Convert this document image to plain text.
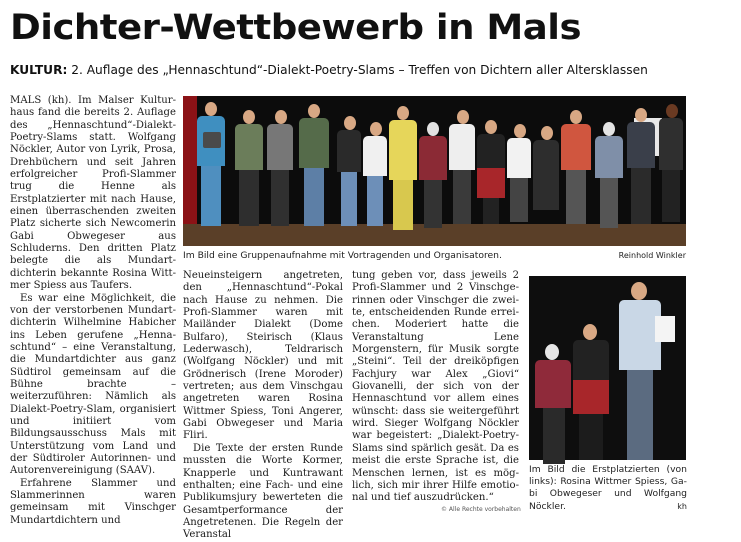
Dichter-Wettbewerb in Mals
KULTUR: 2. Auflage des „Hennaschtund“-Dialekt-Poetry-Slams – Treffen von Dichtern aller Altersklassen

MALS (kh). Im Malser Kulturhaus fand die bereits 2. Auflage des „Hennaschtund“-Dialekt-Poetry-Slams statt. Wolfgang Nöckler, Autor von Lyrik, Prosa, Drehbüchern und seit Jahren erfolgreicher Profi-Slammer trug die Henne als Erstplatzierter mit nach Hause, einen überraschenden zweiten Platz sicherte sich Newcomerin Gabi Obwegeser aus Schluderns. Den dritten Platz belegte die als Mundartdichterin bekannte Rosina Wittmer Spiess aus Taufers.

Es war eine Möglichkeit, die von der verstorbenen Mundartdichterin Wilhelmine Habicher ins Leben gerufene „Hennaschtund“ – eine Veranstaltung, die Mundartdichter aus ganz Südtirol gemeinsam auf die Bühne brachte – weiterzuführen: Nämlich als Dialekt-Poetry-Slam, organisiert und initiiert vom Bildungsausschuss Mals mit Unterstützung vom Land und der Südtiroler Autorinnen- und Autorenvereinigung (SAAV).

Erfahrene Slammer und Slammerinnen waren gemeinsam mit Vinschger Mundartdichtern und

Im Bild eine Gruppenaufnahme mit Vortragenden und Organisatoren.	Reinhold Winkler

Neueinsteigern angetreten, den „Hennaschtund“-Pokal nach Hause zu nehmen. Die Profi-Slammer waren mit Mailänder Dialekt (Dome Bulfaro), Steirisch (Klaus Lederwasch), Teldrarisch (Wolfgang Nöckler) und mit Grödnerisch (Irene Moroder) vertreten; aus dem Vinschgau angetreten waren Rosina Wittmer Spiess, Toni Angerer, Gabi Obwegeser und Maria Fliri.

Die Texte der ersten Runde mussten die Worte Kormer, Knapperle und Kuntrawant enthalten; eine Fach- und eine Publikumsjury bewerteten die Gesamtperformance der Angetretenen. Die Regeln der Veranstal

tung geben vor, dass jeweils 2 Profi-Slammer und 2 Vinschgerinnen oder Vinschger die zweite, entscheidenden Runde erreichen. Moderiert hatte die Veranstaltung Lene Morgenstern, für Musik sorgte „Steini“. Teil der dreiköpfigen Fachjury war Alex „Giovi“ Giovanelli, der sich von der Hennaschtund vor allem eines wünscht: dass sie weitergeführt wird. Sieger Wolfgang Nöckler war begeistert: „Dialekt-Poetry-Slams sind spärlich gesät. Da es meist die erste Sprache ist, die Menschen lernen, ist es möglich, sich mir ihrer Hilfe emotional und tief auszudrücken.“

Im Bild die Erstplatzierten (von links): Rosina Wittmer Spiess, Gabi Obwegeser und Wolfgang Nöckler.	kh
© Alle Rechte vorbehalten
